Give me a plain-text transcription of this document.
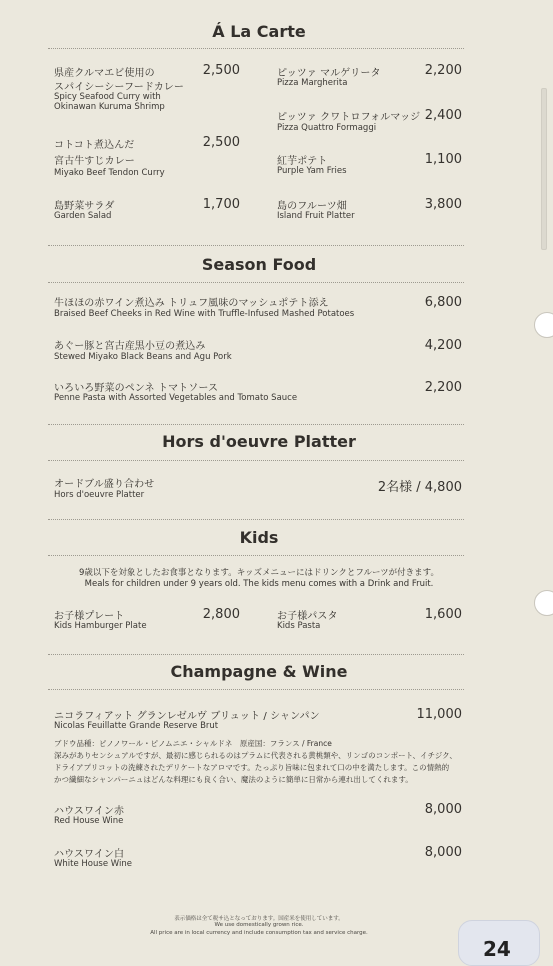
Á La Carte
県産クルマエビ使用の
スパイシーシーフードカレー
Spicy Seafood Curry with
Okinawan Kuruma Shrimp
2,500
コトコト煮込んだ
宮古牛すじカレー
Miyako Beef Tendon Curry
2,500
島野菜サラダ
Garden Salad
1,700
ピッツァ マルゲリータ
Pizza Margherita
2,200
ピッツァ クワトロフォルマッジ
Pizza Quattro Formaggi
2,400
紅芋ポテト
Purple Yam Fries
1,100
島のフルーツ畑
Island Fruit Platter
3,800
Season Food
牛ほほの赤ワイン煮込み トリュフ風味のマッシュポテト添え
Braised Beef Cheeks in Red Wine with Truffle-Infused Mashed Potatoes
6,800
あぐー豚と宮古産黒小豆の煮込み
Stewed Miyako Black Beans and Agu Pork
4,200
いろいろ野菜のペンネ トマトソース
Penne Pasta with Assorted Vegetables and Tomato Sauce
2,200
Hors d'oeuvre Platter
オードブル盛り合わせ
Hors d'oeuvre Platter	2名様 / 4,800
Kids
9歳以下を対象としたお食事となります。キッズメニューにはドリンクとフルーツが付きます。
Meals for children under 9 years old. The kids menu comes with a Drink and Fruit.
お子様プレート
Kids Hamburger Plate
2,800	お子様パスタ
Kids Pasta
1,600
Champagne & Wine
ニコラフィアット グランレゼルヴ ブリュット / シャンパン
Nicolas Feuillatte Grande Reserve Brut
11,000
ブドウ品種：ピノノワール・ピノムニエ・シャルドネ　原産国：フランス / France
深みがありセンシュアルですが、最初に感じられるのはプラムに代表される黄桃類や、リンゴのコンポート、イチジク、
ドライアプリコットの洗練されたデリケートなアロマです。たっぷり旨味に包まれて口の中を満たします。この情熱的
かつ繊細なシャンパーニュはどんな料理にも良く合い、魔法のように簡単に日常から連れ出してくれます。
ハウスワイン赤
Red House Wine
8,000
ハウスワイン白
White House Wine
8,000
表示価格は全て税サ込となっております。国産米を使用しています。
We use domestically grown rice.
All price are in local currency and include consumption tax and service charge.
24
